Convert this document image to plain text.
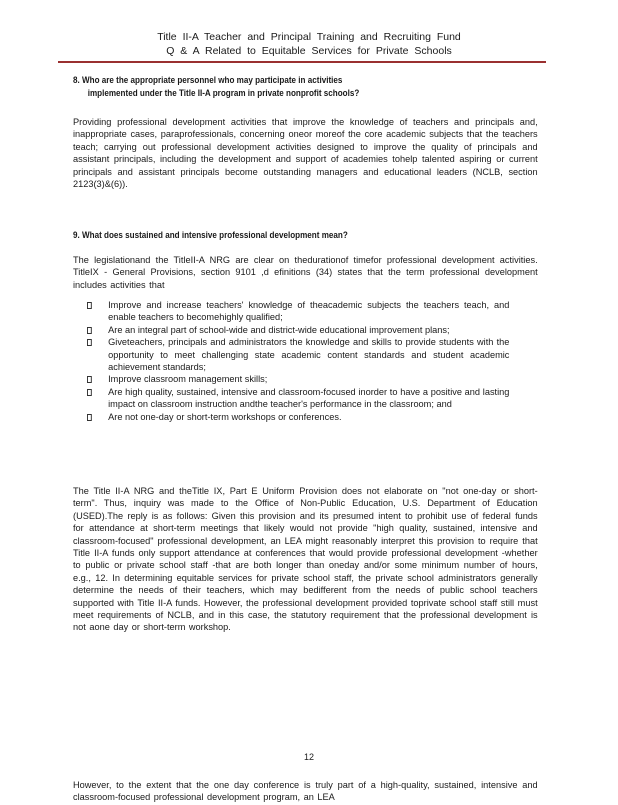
Title II-A Teacher and Principal Training and Recruiting Fund
Q & A Related to Equitable Services for Private Schools

8. Who are the appropriate personnel who may participate in activities
implemented under the Title II-A program in private nonprofit schools?

Providing professional development activities that improve the knowledge of teachers and principals and, inappropriate cases, paraprofessionals, concerning oneor moreof the core academic subjects that the teachers teach; carrying out professional development activities designed to improve the quality of principals and assistant principals, including the development and support of academies tohelp talented aspiring or current principals and assistant principals become outstanding managers and educational leaders (NCLB, section 2123(3)&(6)).

9. What does sustained and intensive professional development mean?

The legislationand the TitleII-A NRG are clear on thedurationof timefor professional development activities. TitleIX - General Provisions, section 9101 ,d efinitions (34) states that the term professional development includes activities that

Improve and increase teachers' knowledge of theacademic subjects the teachers teach, and enable teachers to becomehighly qualified;
Are an integral part of school-wide and district-wide educational improvement plans;
Giveteachers, principals and administrators the knowledge and skills to provide students with the opportunity to meet challenging state academic content standards and student academic achievement standards;
Improve classroom management skills;
Are high quality, sustained, intensive and classroom-focused inorder to have a positive and lasting impact on classroom instruction andthe teacher's performance in the classroom; and
Are not one-day or short-term workshops or conferences.

The Title II-A NRG and theTitle IX, Part E Uniform Provision does not elaborate on "not one-day or short-term". Thus, inquiry was made to the Office of Non-Public Education, U.S. Department of Education (USED).The reply is as follows: Given this provision and its presumed intent to prohibit use of federal funds for attendance at short-term meetings that likely would not provide "high quality, sustained, intensive and classroom-focused" professional development, an LEA might reasonably interpret this provision to require that Title II-A funds only support attendance at conferences that would provide professional development -whether to public or private school staff -that are both longer than oneday and/or some minimum number of hours, e.g., 12. In determining equitable services for private school staff, the private school administrators generally determine the needs of their teachers, which may bedifferent from the needs of public school teachers supported with Title II-A funds. However, the professional development provided toprivate school staff still must meet requirements of NCLB, and in this case, the statutory requirement that the professional development is not aone day or short-term workshop.

However, to the extent that the one day conference is truly part of a high-quality, sustained, intensive and classroom-focused professional development program, an LEA

12
